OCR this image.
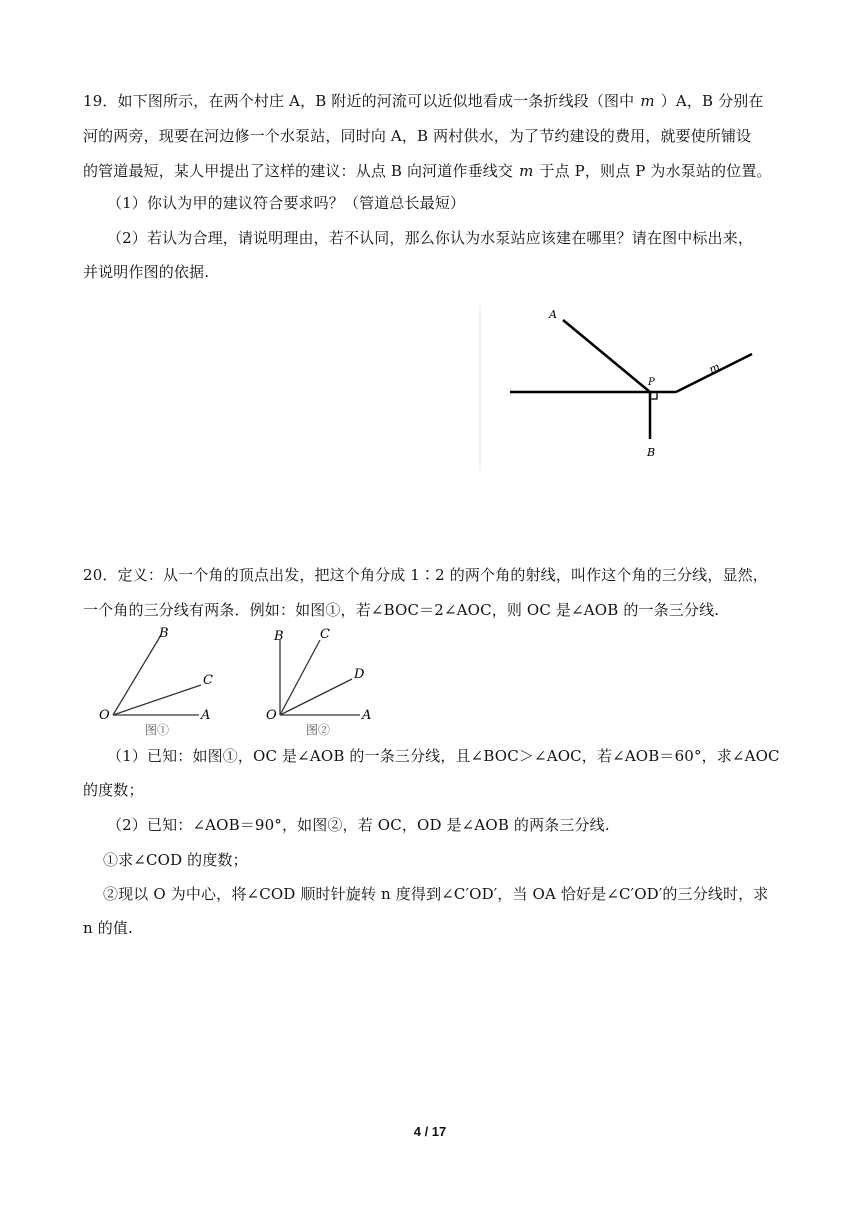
19．如下图所示，在两个村庄 A，B 附近的河流可以近似地看成一条折线段（图中 m ）A，B 分别在
河的两旁，现要在河边修一个水泵站，同时向 A，B 两村供水，为了节约建设的费用，就要使所铺设
的管道最短，某人甲提出了这样的建议：从点 B 向河道作垂线交 m 于点 P，则点 P 为水泵站的位置。
（1）你认为甲的建议符合要求吗？（管道总长最短）
（2）若认为合理，请说明理由，若不认同，那么你认为水泵站应该建在哪里？请在图中标出来，
并说明作图的依据.
A
B
P
m
20．定义：从一个角的顶点出发，把这个角分成 1∶2 的两个角的射线，叫作这个角的三分线，显然，
一个角的三分线有两条．例如：如图①，若∠BOC＝2∠AOC，则 OC 是∠AOB 的一条三分线.
O	A
B
C
图①
O	A
B	C
D
图②
（1）已知：如图①，OC 是∠AOB 的一条三分线，且∠BOC＞∠AOC，若∠AOB＝60°，求∠AOC
的度数；
（2）已知：∠AOB＝90°，如图②，若 OC，OD 是∠AOB 的两条三分线.
①求∠COD 的度数；
②现以 O 为中心，将∠COD 顺时针旋转 n 度得到∠C′OD′，当 OA 恰好是∠C′OD′的三分线时，求
n 的值.
4 / 17
